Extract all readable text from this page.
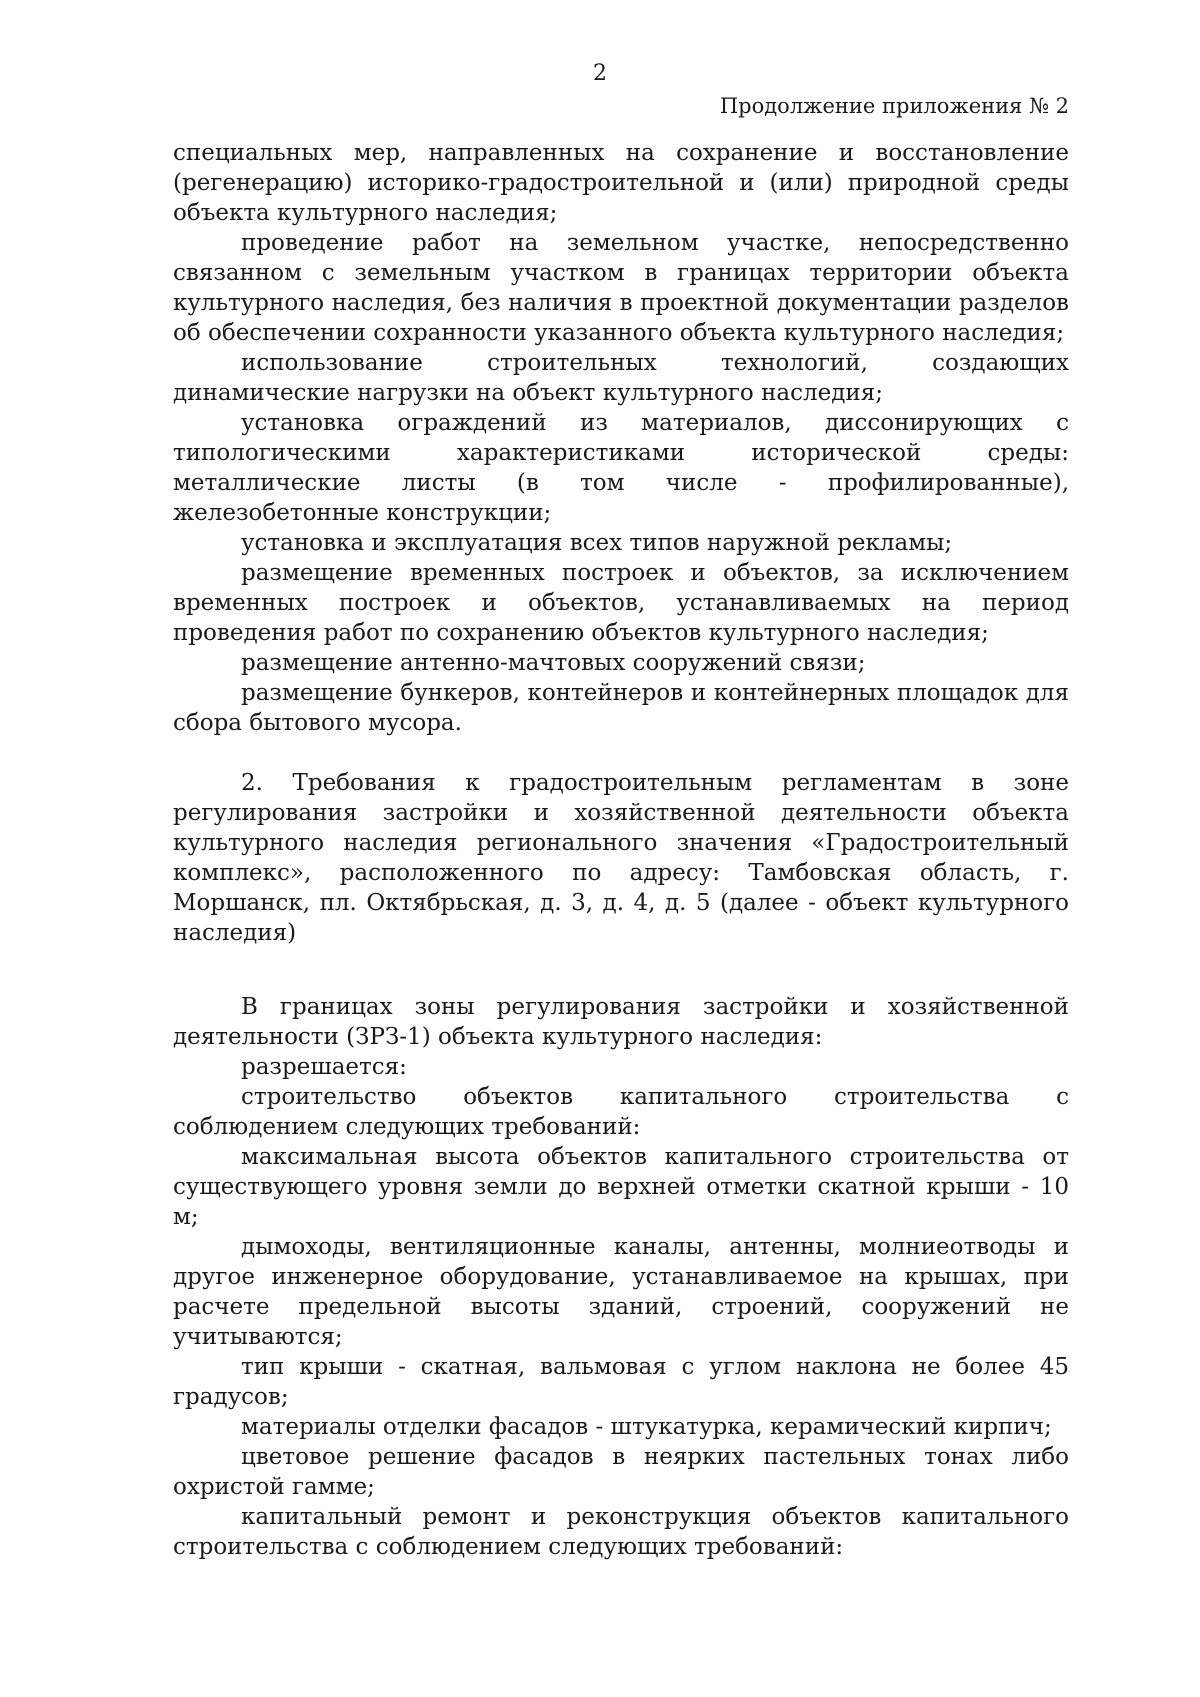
2
Продолжение приложения № 2

специальных мер, направленных на сохранение и восстановление (регенерацию) историко-градостроительной и (или) природной среды объекта культурного наследия;

проведение работ на земельном участке, непосредственно связанном с земельным участком в границах территории объекта культурного наследия, без наличия в проектной документации разделов об обеспечении сохранности указанного объекта культурного наследия;

использование строительных технологий, создающих динамические нагрузки на объект культурного наследия;

установка ограждений из материалов, диссонирующих с типологическими характеристиками исторической среды: металлические листы (в том числе - профилированные), железобетонные конструкции;

установка и эксплуатация всех типов наружной рекламы;

размещение временных построек и объектов, за исключением временных построек и объектов, устанавливаемых на период проведения работ по сохранению объектов культурного наследия;

размещение антенно-мачтовых сооружений связи;

размещение бункеров, контейнеров и контейнерных площадок для сбора бытового мусора.

2. Требования к градостроительным регламентам в зоне регулирования застройки и хозяйственной деятельности объекта культурного наследия регионального значения «Градостроительный комплекс», расположенного по адресу: Тамбовская область, г. Моршанск, пл. Октябрьская, д. 3, д. 4, д. 5 (далее - объект культурного наследия)

В границах зоны регулирования застройки и хозяйственной деятельности (ЗРЗ-1) объекта культурного наследия:

разрешается:

строительство объектов капитального строительства с соблюдением следующих требований:

максимальная высота объектов капитального строительства от существующего уровня земли до верхней отметки скатной крыши - 10 м;

дымоходы, вентиляционные каналы, антенны, молниеотводы и другое инженерное оборудование, устанавливаемое на крышах, при расчете предельной высоты зданий, строений, сооружений не учитываются;

тип крыши - скатная, вальмовая с углом наклона не более 45 градусов;

материалы отделки фасадов - штукатурка, керамический кирпич;

цветовое решение фасадов в неярких пастельных тонах либо охристой гамме;

капитальный ремонт и реконструкция объектов капитального строительства с соблюдением следующих требований:
